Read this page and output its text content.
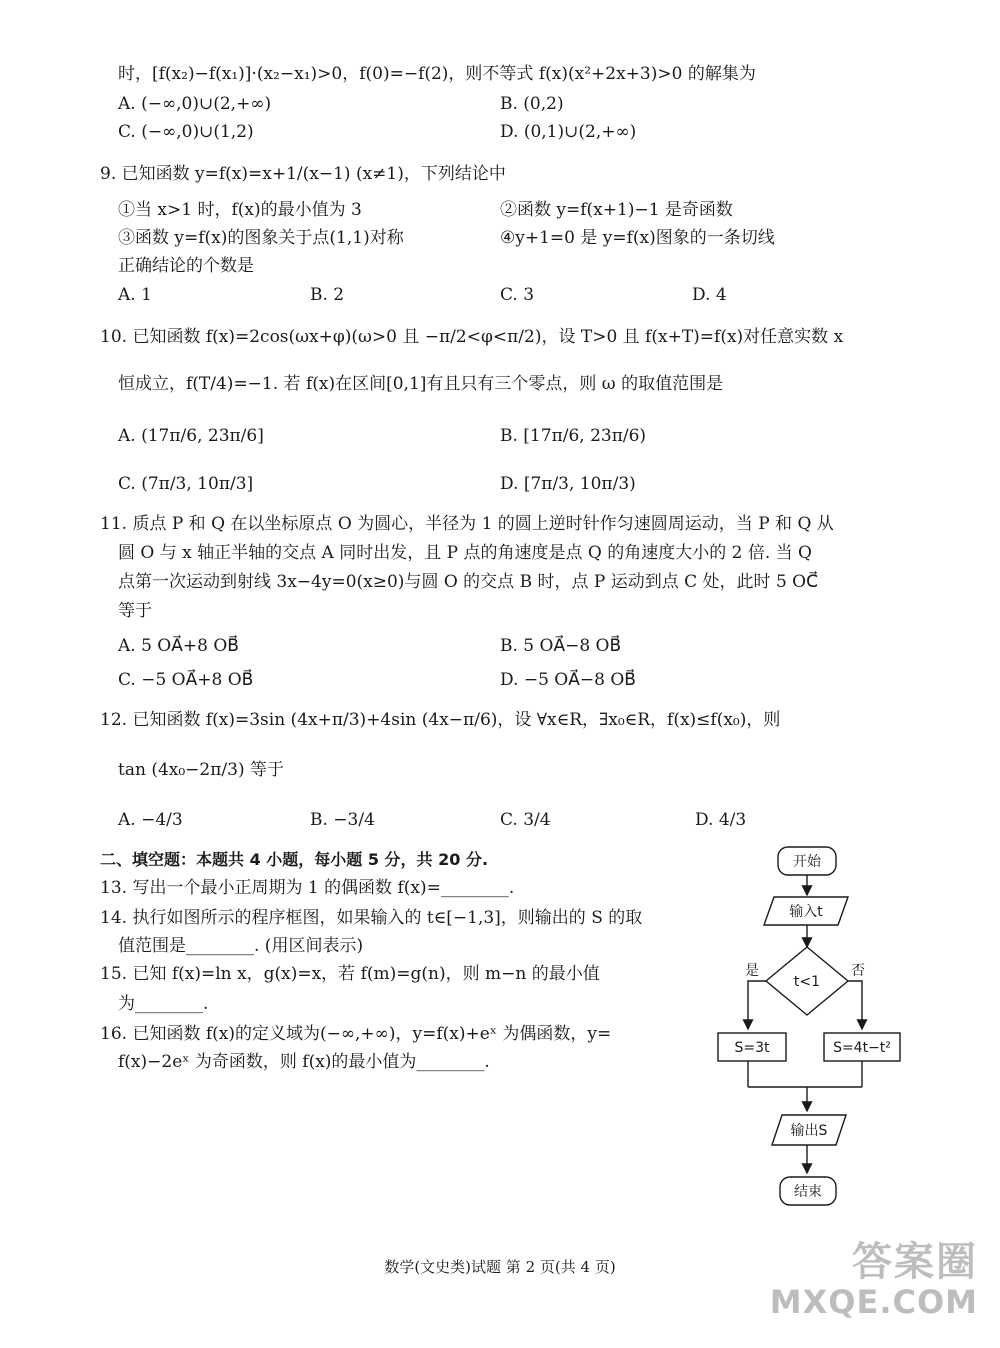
时，[f(x₂)−f(x₁)]·(x₂−x₁)>0，f(0)=−f(2)，则不等式 f(x)(x²+2x+3)>0 的解集为
A. (−∞,0)∪(2,+∞)	B. (0,2)
C. (−∞,0)∪(1,2)	D. (0,1)∪(2,+∞)
9. 已知函数 y=f(x)=x+1/(x−1) (x≠1)，下列结论中
①当 x>1 时，f(x)的最小值为 3	②函数 y=f(x+1)−1 是奇函数
③函数 y=f(x)的图象关于点(1,1)对称	④y+1=0 是 y=f(x)图象的一条切线
正确结论的个数是
A. 1	B. 2	C. 3	D. 4
10. 已知函数 f(x)=2cos(ωx+φ)(ω>0 且 −π/2<φ<π/2)，设 T>0 且 f(x+T)=f(x)对任意实数 x
恒成立，f(T/4)=−1. 若 f(x)在区间[0,1]有且只有三个零点，则 ω 的取值范围是
A. (17π/6, 23π/6]	B. [17π/6, 23π/6)
C. (7π/3, 10π/3]	D. [7π/3, 10π/3)
11. 质点 P 和 Q 在以坐标原点 O 为圆心，半径为 1 的圆上逆时针作匀速圆周运动，当 P 和 Q 从
圆 O 与 x 轴正半轴的交点 A 同时出发，且 P 点的角速度是点 Q 的角速度大小的 2 倍. 当 Q
点第一次运动到射线 3x−4y=0(x≥0)与圆 O 的交点 B 时，点 P 运动到点 C 处，此时 5 OC⃗
等于
A. 5 OA⃗+8 OB⃗	B. 5 OA⃗−8 OB⃗
C. −5 OA⃗+8 OB⃗	D. −5 OA⃗−8 OB⃗
12. 已知函数 f(x)=3sin (4x+π/3)+4sin (4x−π/6)，设 ∀x∈R，∃x₀∈R，f(x)≤f(x₀)，则
tan (4x₀−2π/3) 等于
A. −4/3	B. −3/4	C. 3/4	D. 4/3
二、填空题：本题共 4 小题，每小题 5 分，共 20 分.
13. 写出一个最小正周期为 1 的偶函数 f(x)=________.
14. 执行如图所示的程序框图，如果输入的 t∈[−1,3]，则输出的 S 的取
值范围是________. (用区间表示)
15. 已知 f(x)=ln x，g(x)=x，若 f(m)=g(n)，则 m−n 的最小值
为________.
16. 已知函数 f(x)的定义域为(−∞,+∞)，y=f(x)+eˣ 为偶函数，y=
f(x)−2eˣ 为奇函数，则 f(x)的最小值为________.
开始
输入t
t<1
是	否
S=3t	S=4t−t²
输出S
结束
数学(文史类)试题 第 2 页(共 4 页)	答案圈
MXQE.COM
